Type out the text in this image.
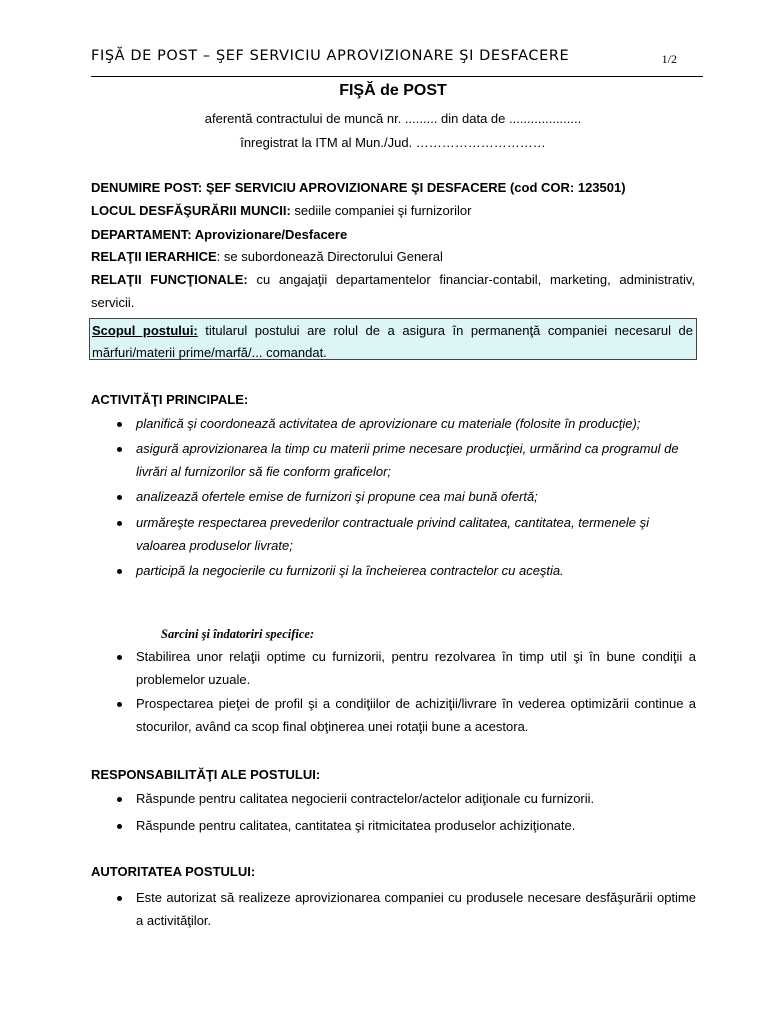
FIŞĂ DE POST – ŞEF SERVICIU APROVIZIONARE ŞI DESFACERE	1/2
FIŞĂ de POST
aferentă contractului de muncă nr. ......... din data de ....................
înregistrat la ITM al Mun./Jud. …………………………
DENUMIRE POST: ŞEF SERVICIU APROVIZIONARE ŞI DESFACERE (cod COR: 123501)
LOCUL DESFĂŞURĂRII MUNCII: sediile companiei şi furnizorilor
DEPARTAMENT: Aprovizionare/Desfacere
RELAŢII IERARHICE: se subordonează Directorului General
RELAŢII FUNCŢIONALE: cu angajaţii departamentelor financiar-contabil, marketing, administrativ, servicii.
ACTIVITĂŢI PRINCIPALE:
planifică şi coordonează activitatea de aprovizionare cu materiale (folosite în producţie);
asigură aprovizionarea la timp cu materii prime necesare producţiei, urmărind ca programul de livrări al furnizorilor să fie conform graficelor;
analizează ofertele emise de furnizori şi propune cea mai bună ofertă;
urmăreşte respectarea prevederilor contractuale privind calitatea, cantitatea, termenele şi valoarea produselor livrate;
participă la negocierile cu furnizorii şi la încheierea contractelor cu aceştia.
Sarcini şi îndatoriri specifice:
Stabilirea unor relaţii optime cu furnizorii, pentru rezolvarea în timp util şi în bune condiţii a problemelor uzuale.
Prospectarea pieţei de profil şi a condiţiilor de achiziţii/livrare în vederea optimizării continue a stocurilor, având ca scop final obţinerea unei rotaţii bune a acestora.
RESPONSABILITĂŢI ALE POSTULUI:
Răspunde pentru calitatea negocierii contractelor/actelor adiţionale cu furnizorii.
Răspunde pentru calitatea, cantitatea şi ritmicitatea produselor achiziţionate.
AUTORITATEA POSTULUI:
Este autorizat să realizeze aprovizionarea companiei cu produsele necesare desfăşurării optime a activităţilor.
Scopul postului: titularul postului are rolul de a asigura în permanenţă companiei necesarul de mărfuri/materii prime/marfă/... comandat.
